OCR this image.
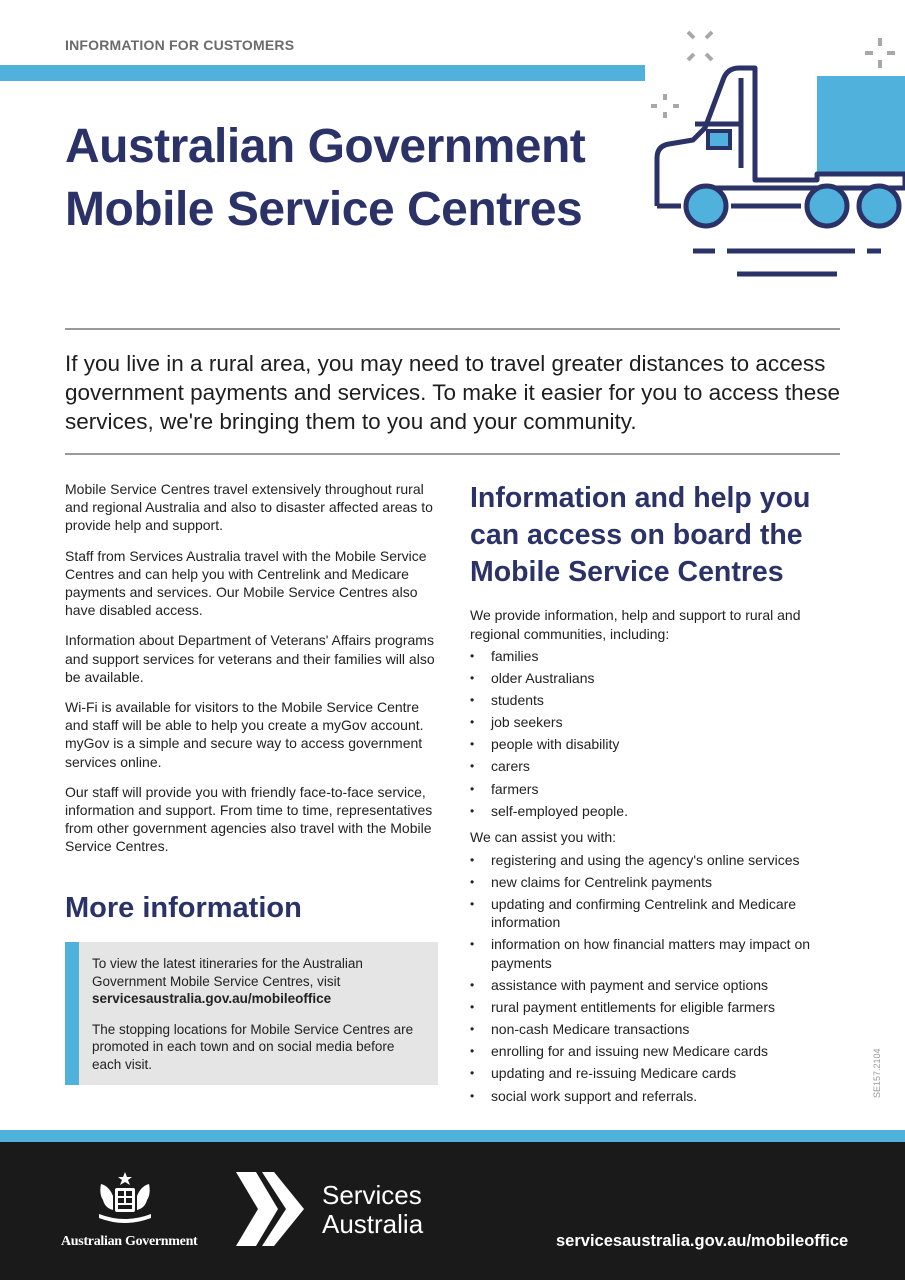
INFORMATION FOR CUSTOMERS
Australian Government
Mobile Service Centres

If you live in a rural area, you may need to travel greater distances to access government payments and services. To make it easier for you to access these services, we're bringing them to you and your community.

Mobile Service Centres travel extensively throughout rural and regional Australia and also to disaster affected areas to provide help and support.

Staff from Services Australia travel with the Mobile Service Centres and can help you with Centrelink and Medicare payments and services. Our Mobile Service Centres also have disabled access.

Information about Department of Veterans' Affairs programs and support services for veterans and their families will also be available.

Wi-Fi is available for visitors to the Mobile Service Centre and staff will be able to help you create a myGov account. myGov is a simple and secure way to access government services online.

Our staff will provide you with friendly face-to-face service, information and support. From time to time, representatives from other government agencies also travel with the Mobile Service Centres.

More information

To view the latest itineraries for the Australian Government Mobile Service Centres, visit
servicesaustralia.gov.au/mobileoffice

The stopping locations for Mobile Service Centres are promoted in each town and on social media before each visit.

Information and help you
can access on board the
Mobile Service Centres

We provide information, help and support to rural and regional communities, including:

• families
• older Australians
• students
• job seekers
• people with disability
• carers
• farmers
• self-employed people.

We can assist you with:

• registering and using the agency's online services
• new claims for Centrelink payments
• updating and confirming Centrelink and Medicare information
• information on how financial matters may impact on payments
• assistance with payment and service options
• rural payment entitlements for eligible farmers
• non-cash Medicare transactions
• enrolling for and issuing new Medicare cards
• updating and re-issuing Medicare cards
• social work support and referrals.	SE157.2104
Australian Government
Services
Australia
servicesaustralia.gov.au/mobileoffice
